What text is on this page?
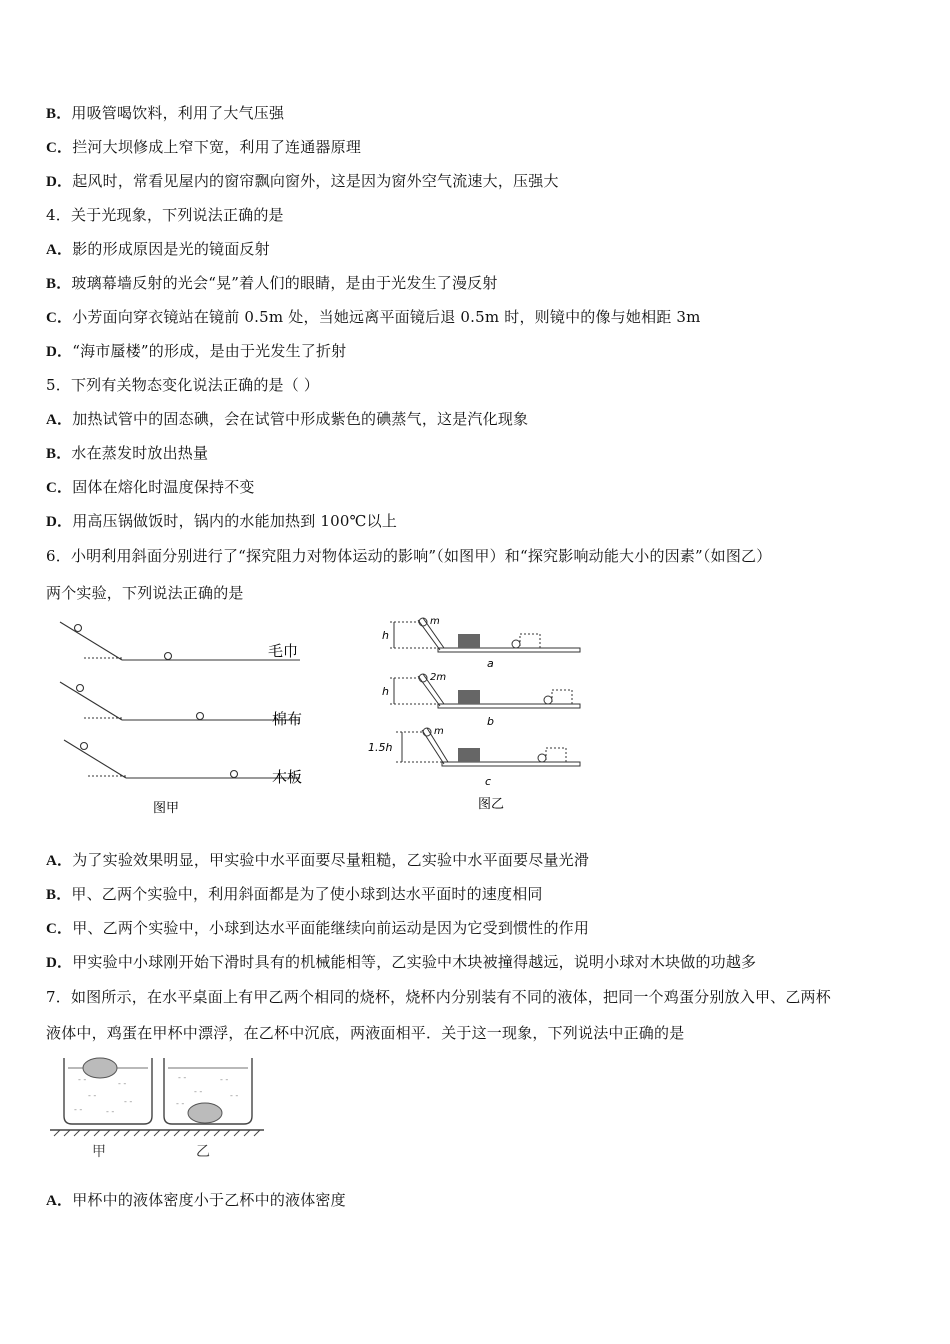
B．用吸管喝饮料，利用了大气压强
C．拦河大坝修成上窄下宽，利用了连通器原理
D．起风时，常看见屋内的窗帘飘向窗外，这是因为窗外空气流速大，压强大
4．关于光现象，下列说法正确的是
A．影的形成原因是光的镜面反射
B．玻璃幕墙反射的光会“晃”着人们的眼睛，是由于光发生了漫反射
C．小芳面向穿衣镜站在镜前 0.5m 处，当她远离平面镜后退 0.5m 时，则镜中的像与她相距 3m
D．“海市蜃楼”的形成，是由于光发生了折射
5．下列有关物态变化说法正确的是（ ）
A．加热试管中的固态碘，会在试管中形成紫色的碘蒸气，这是汽化现象
B．水在蒸发时放出热量
C．固体在熔化时温度保持不变
D．用高压锅做饭时，锅内的水能加热到 100℃以上
6．小明利用斜面分别进行了“探究阻力对物体运动的影响”（如图甲）和“探究影响动能大小的因素”（如图乙）
两个实验，下列说法正确的是
毛巾
棉布
木板
图甲
m
h
a
2m
h
b
m
1.5h
c
图乙
A．为了实验效果明显，甲实验中水平面要尽量粗糙，乙实验中水平面要尽量光滑
B．甲、乙两个实验中，利用斜面都是为了使小球到达水平面时的速度相同
C．甲、乙两个实验中，小球到达水平面能继续向前运动是因为它受到惯性的作用
D．甲实验中小球刚开始下滑时具有的机械能相等，乙实验中木块被撞得越远，说明小球对木块做的功越多
7．如图所示，在水平桌面上有甲乙两个相同的烧杯，烧杯内分别装有不同的液体，把同一个鸡蛋分别放入甲、乙两杯
液体中，鸡蛋在甲杯中漂浮，在乙杯中沉底，两液面相平．关于这一现象，下列说法中正确的是
- -	- -
- -
- -
- -	- -
- -	- -
- -	- -
- -
甲	乙
A．甲杯中的液体密度小于乙杯中的液体密度
